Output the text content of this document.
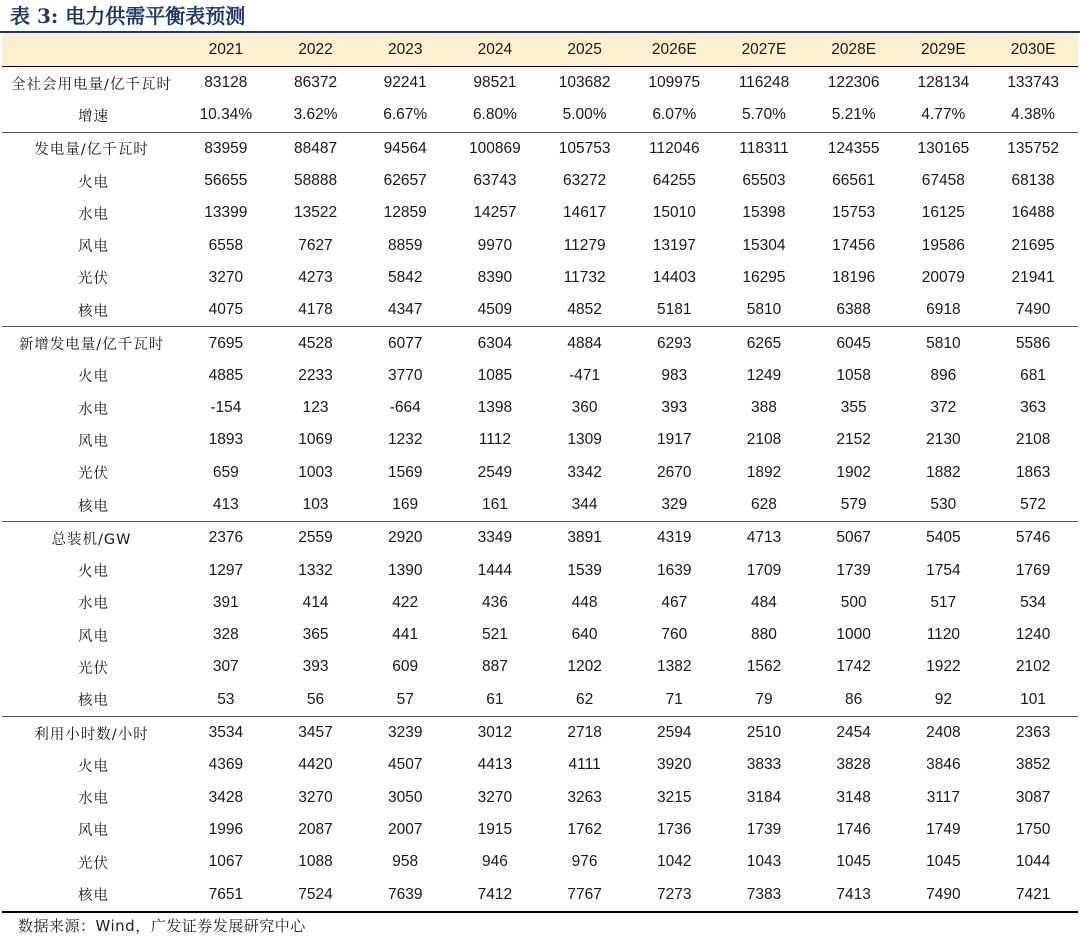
表 3: 电力供需平衡表预测
	2021	2022	2023	2024	2025	2026E	2027E	2028E	2029E	2030E
全社会用电量/亿千瓦时	83128	86372	92241	98521	103682	109975	116248	122306	128134	133743
增速	10.34%	3.62%	6.67%	6.80%	5.00%	6.07%	5.70%	5.21%	4.77%	4.38%
发电量/亿千瓦时	83959	88487	94564	100869	105753	112046	118311	124355	130165	135752
火电	56655	58888	62657	63743	63272	64255	65503	66561	67458	68138
水电	13399	13522	12859	14257	14617	15010	15398	15753	16125	16488
风电	6558	7627	8859	9970	11279	13197	15304	17456	19586	21695
光伏	3270	4273	5842	8390	11732	14403	16295	18196	20079	21941
核电	4075	4178	4347	4509	4852	5181	5810	6388	6918	7490
新增发电量/亿千瓦时	7695	4528	6077	6304	4884	6293	6265	6045	5810	5586
火电	4885	2233	3770	1085	-471	983	1249	1058	896	681
水电	-154	123	-664	1398	360	393	388	355	372	363
风电	1893	1069	1232	1112	1309	1917	2108	2152	2130	2108
光伏	659	1003	1569	2549	3342	2670	1892	1902	1882	1863
核电	413	103	169	161	344	329	628	579	530	572
总装机/GW	2376	2559	2920	3349	3891	4319	4713	5067	5405	5746
火电	1297	1332	1390	1444	1539	1639	1709	1739	1754	1769
水电	391	414	422	436	448	467	484	500	517	534
风电	328	365	441	521	640	760	880	1000	1120	1240
光伏	307	393	609	887	1202	1382	1562	1742	1922	2102
核电	53	56	57	61	62	71	79	86	92	101
利用小时数/小时	3534	3457	3239	3012	2718	2594	2510	2454	2408	2363
火电	4369	4420	4507	4413	4111	3920	3833	3828	3846	3852
水电	3428	3270	3050	3270	3263	3215	3184	3148	3117	3087
风电	1996	2087	2007	1915	1762	1736	1739	1746	1749	1750
光伏	1067	1088	958	946	976	1042	1043	1045	1045	1044
核电	7651	7524	7639	7412	7767	7273	7383	7413	7490	7421
数据来源：Wind，广发证券发展研究中心
